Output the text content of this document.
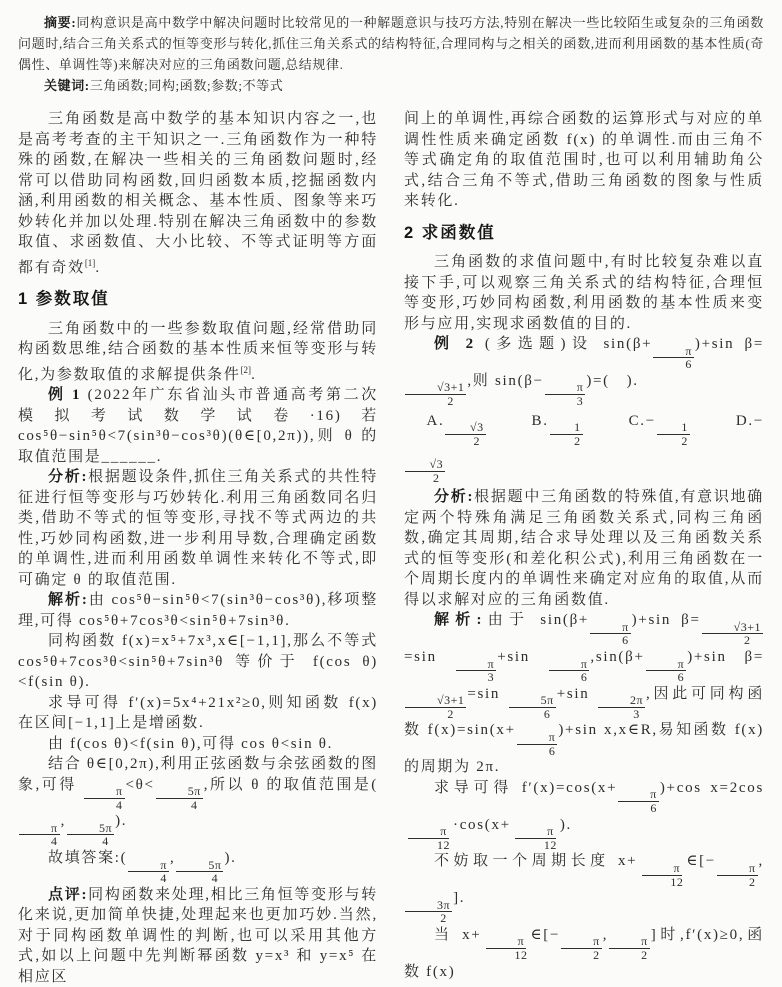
摘要:同构意识是高中数学中解决问题时比较常见的一种解题意识与技巧方法,特别在解决一些比较陌生或复杂的三角函数问题时,结合三角关系式的恒等变形与转化,抓住三角关系式的结构特征,合理同构与之相关的函数,进而利用函数的基本性质(奇偶性、单调性等)来解决对应的三角函数问题,总结规律.

关键词:三角函数;同构;函数;参数;不等式

三角函数是高中数学的基本知识内容之一,也是高考考查的主干知识之一.三角函数作为一种特殊的函数,在解决一些相关的三角函数问题时,经常可以借助同构函数,回归函数本质,挖掘函数内涵,利用函数的相关概念、基本性质、图象等来巧妙转化并加以处理.特别在解决三角函数中的参数取值、求函数值、大小比较、不等式证明等方面都有奇效[1].

1 参数取值

三角函数中的一些参数取值问题,经常借助同构函数思维,结合函数的基本性质来恒等变形与转化,为参数取值的求解提供条件[2].

例 1 (2022年广东省汕头市普通高考第二次模拟考试数学试卷·16)若 cos⁵θ−sin⁵θ<7(sin³θ−cos³θ)(θ∈[0,2π)),则 θ 的取值范围是______.

分析:根据题设条件,抓住三角关系式的共性特征进行恒等变形与巧妙转化.利用三角函数同名归类,借助不等式的恒等变形,寻找不等式两边的共性,巧妙同构函数,进一步利用导数,合理确定函数的单调性,进而利用函数单调性来转化不等式,即可确定 θ 的取值范围.

解析:由 cos⁵θ−sin⁵θ<7(sin³θ−cos³θ),移项整理,可得 cos⁵θ+7cos³θ<sin⁵θ+7sin³θ.

同构函数 f(x)=x⁵+7x³,x∈[−1,1],那么不等式 cos⁵θ+7cos³θ<sin⁵θ+7sin³θ 等价于 f(cos θ)<f(sin θ).

求导可得 f′(x)=5x⁴+21x²≥0,则知函数 f(x) 在区间[−1,1]上是增函数.

由 f(cos θ)<f(sin θ),可得 cos θ<sin θ.

结合 θ∈[0,2π),利用正弦函数与余弦函数的图象,可得
$\frac{\pi}{4}$
<θ<
$\frac{5\pi}{4}$
,所以 θ 的取值范围是(
$\frac{\pi}{4}$
,
$\frac{5\pi}{4}$
).

故填答案:(
$\frac{\pi}{4}$
,
$\frac{5\pi}{4}$
).

点评:同构函数来处理,相比三角恒等变形与转化来说,更加简单快捷,处理起来也更加巧妙.当然,对于同构函数单调性的判断,也可以采用其他方式,如以上问题中先判断幂函数 y=x³ 和 y=x⁵ 在相应区

间上的单调性,再综合函数的运算形式与对应的单调性性质来确定函数 f(x) 的单调性.而由三角不等式确定角的取值范围时,也可以利用辅助角公式,结合三角不等式,借助三角函数的图象与性质来转化.

2 求函数值

三角函数的求值问题中,有时比较复杂难以直接下手,可以观察三角关系式的结构特征,合理恒等变形,巧妙同构函数,利用函数的基本性质来变形与应用,实现求函数值的目的.

例 2 (多选题)设 sin(β+
$\frac{\pi}{6}$
)+sin β=
$\frac{√3+1}{2}$
,则 sin(β−
$\frac{\pi}{3}$
)=(　).

A.
$\frac{√3}{2}$
　　B.
$\frac{1}{2}$
　　C.−
$\frac{1}{2}$
　　D.−
$\frac{√3}{2}$

分析:根据题中三角函数的特殊值,有意识地确定两个特殊角满足三角函数关系式,同构三角函数,确定其周期,结合求导处理以及三角函数关系式的恒等变形(和差化积公式),利用三角函数在一个周期长度内的单调性来确定对应角的取值,从而得以求解对应的三角函数值.

解析:由于 sin(β+
$\frac{\pi}{6}$
)+sin β=
$\frac{√3+1}{2}$
=sin
$\frac{\pi}{3}$
+sin
$\frac{\pi}{6}$
,sin(β+
$\frac{\pi}{6}$
)+sin β=
$\frac{√3+1}{2}$
=sin
$\frac{5\pi}{6}$
+sin
$\frac{2\pi}{3}$
,因此可同构函数 f(x)=sin(x+
$\frac{\pi}{6}$
)+sin x,x∈R,易知函数 f(x) 的周期为 2π.

求导可得 f′(x)=cos(x+
$\frac{\pi}{6}$
)+cos x=2cos
$\frac{\pi}{12}$
·cos(x+
$\frac{\pi}{12}$
).

不妨取一个周期长度 x+
$\frac{\pi}{12}$
∈[−
$\frac{\pi}{2}$
,
$\frac{3\pi}{2}$
].

当 x+
$\frac{\pi}{12}$
∈[−
$\frac{\pi}{2}$
,
$\frac{\pi}{2}$
]时,f′(x)≥0,函数 f(x)
